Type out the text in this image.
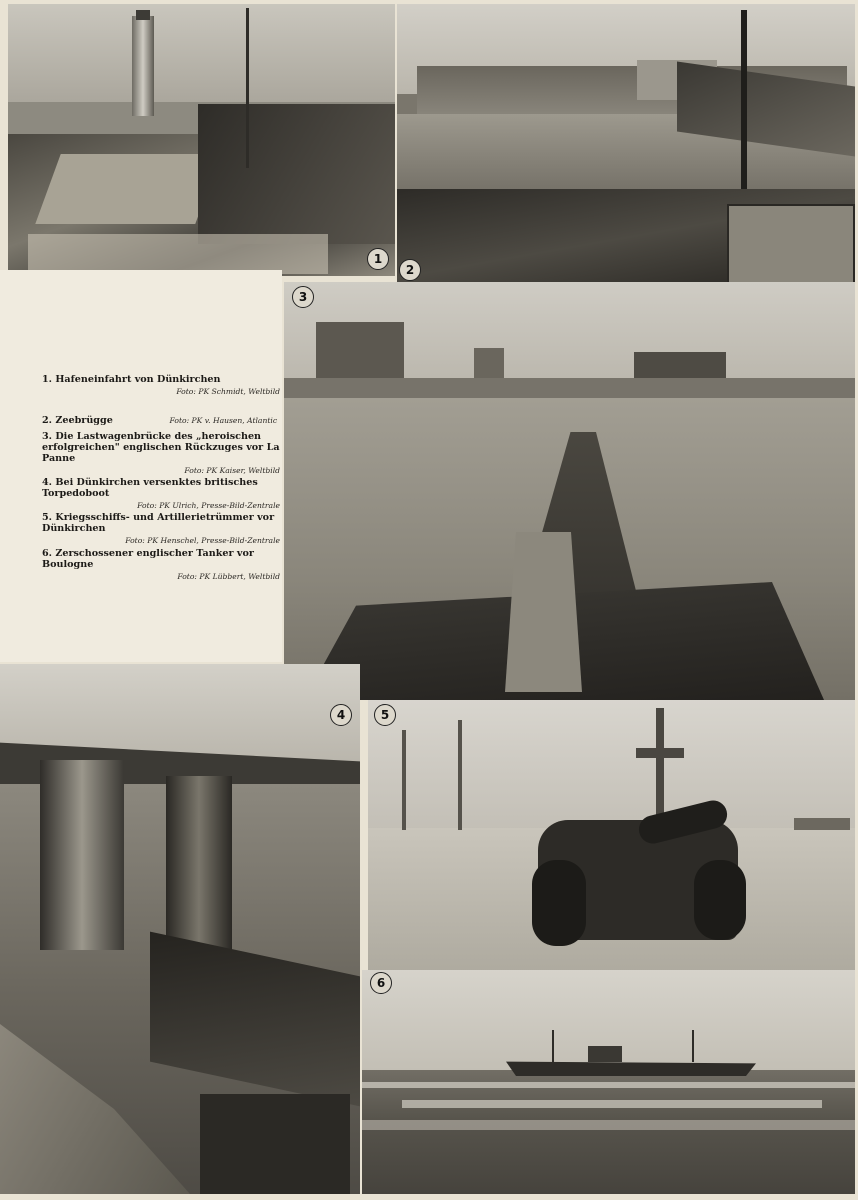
1
2
1. Hafeneinfahrt von Dünkirchen
Foto: PK Schmidt, Weltbild
2. Zeebrügge	Foto: PK v. Hausen, Atlantic
3. Die Lastwagenbrücke des „heroischen erfolgreichen" englischen Rückzuges vor La Panne
Foto: PK Kaiser, Weltbild
4. Bei Dünkirchen versenktes britisches Torpedoboot
Foto: PK Ulrich, Presse-Bild-Zentrale
5. Kriegsschiffs- und Artillerietrümmer vor Dünkirchen
Foto: PK Henschel, Presse-Bild-Zentrale
6. Zerschossener englischer Tanker vor Boulogne
Foto: PK Lübbert, Weltbild
3
4	5
6
